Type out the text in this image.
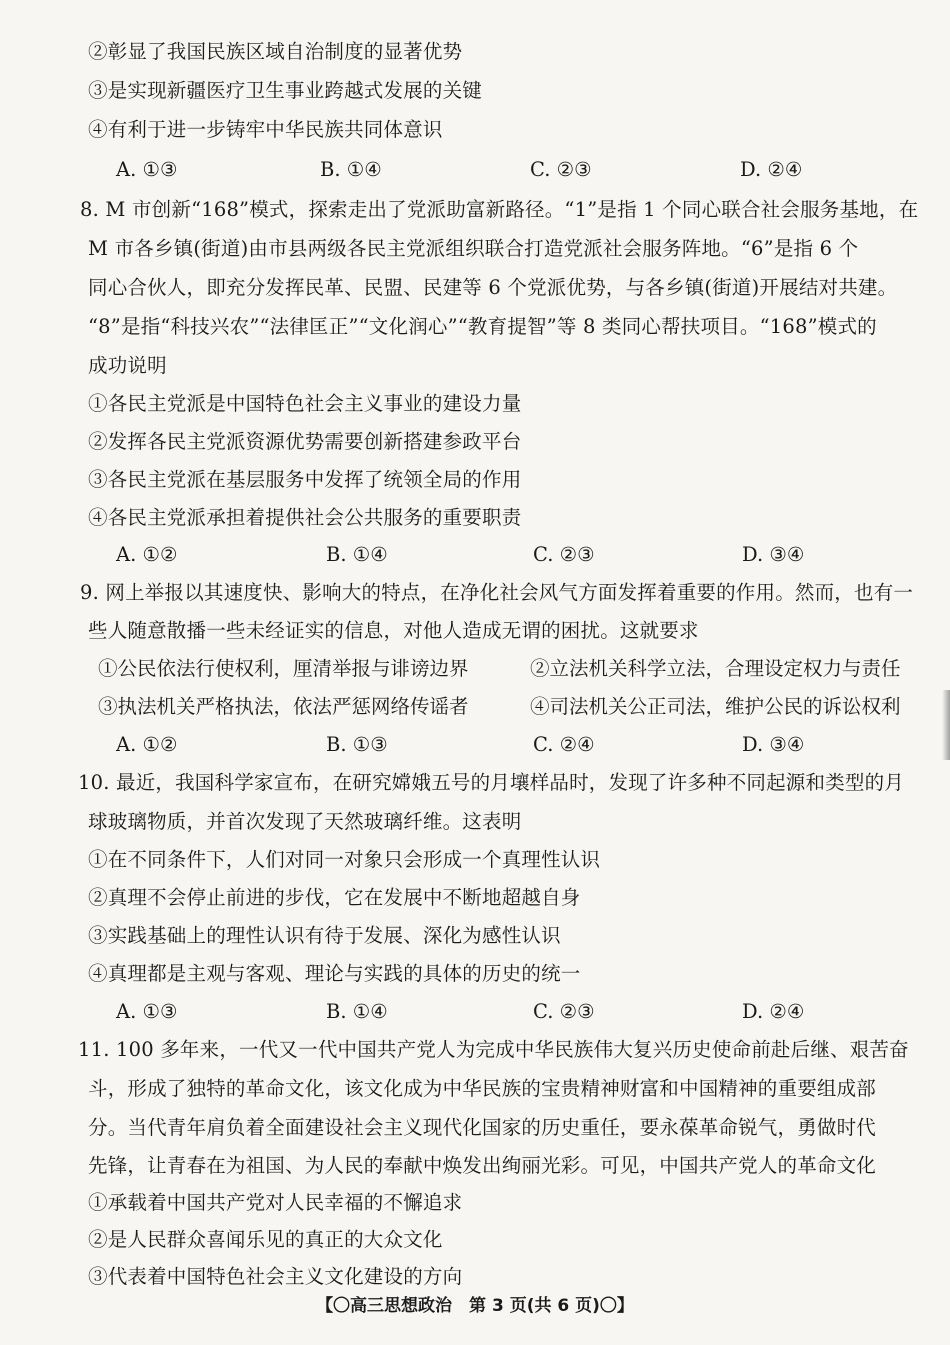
②彰显了我国民族区域自治制度的显著优势
③是实现新疆医疗卫生事业跨越式发展的关键
④有利于进一步铸牢中华民族共同体意识
A. ①③	B. ①④	C. ②③	D. ②④
8. M 市创新“168”模式，探索走出了党派助富新路径。“1”是指 1 个同心联合社会服务基地，在
M 市各乡镇(街道)由市县两级各民主党派组织联合打造党派社会服务阵地。“6”是指 6 个
同心合伙人，即充分发挥民革、民盟、民建等 6 个党派优势，与各乡镇(街道)开展结对共建。
“8”是指“科技兴农”“法律匡正”“文化润心”“教育提智”等 8 类同心帮扶项目。“168”模式的
成功说明
①各民主党派是中国特色社会主义事业的建设力量
②发挥各民主党派资源优势需要创新搭建参政平台
③各民主党派在基层服务中发挥了统领全局的作用
④各民主党派承担着提供社会公共服务的重要职责
A. ①②	B. ①④	C. ②③	D. ③④
9. 网上举报以其速度快、影响大的特点，在净化社会风气方面发挥着重要的作用。然而，也有一
些人随意散播一些未经证实的信息，对他人造成无谓的困扰。这就要求
①公民依法行使权利，厘清举报与诽谤边界	②立法机关科学立法，合理设定权力与责任
③执法机关严格执法，依法严惩网络传谣者	④司法机关公正司法，维护公民的诉讼权利
A. ①②	B. ①③	C. ②④	D. ③④
10. 最近，我国科学家宣布，在研究嫦娥五号的月壤样品时，发现了许多种不同起源和类型的月
球玻璃物质，并首次发现了天然玻璃纤维。这表明
①在不同条件下，人们对同一对象只会形成一个真理性认识
②真理不会停止前进的步伐，它在发展中不断地超越自身
③实践基础上的理性认识有待于发展、深化为感性认识
④真理都是主观与客观、理论与实践的具体的历史的统一
A. ①③	B. ①④	C. ②③	D. ②④
11. 100 多年来，一代又一代中国共产党人为完成中华民族伟大复兴历史使命前赴后继、艰苦奋
斗，形成了独特的革命文化，该文化成为中华民族的宝贵精神财富和中国精神的重要组成部
分。当代青年肩负着全面建设社会主义现代化国家的历史重任，要永葆革命锐气，勇做时代
先锋，让青春在为祖国、为人民的奉献中焕发出绚丽光彩。可见，中国共产党人的革命文化
①承载着中国共产党对人民幸福的不懈追求
②是人民群众喜闻乐见的真正的大众文化
③代表着中国特色社会主义文化建设的方向
【〇高三思想政治　第 3 页(共 6 页)〇】
